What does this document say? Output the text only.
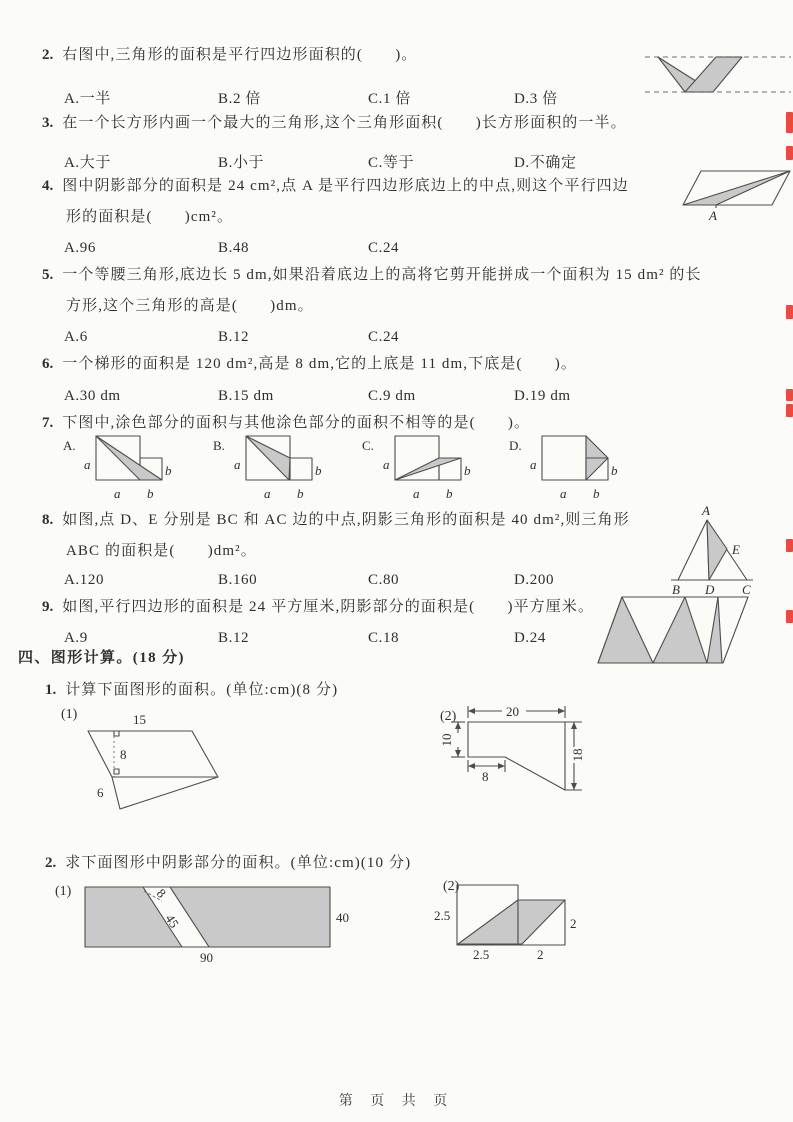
2. 右图中,三角形的面积是平行四边形面积的(　　)。
A.一半	B.2 倍	C.1 倍	D.3 倍
3. 在一个长方形内画一个最大的三角形,这个三角形面积(　　)长方形面积的一半。
A.大于	B.小于	C.等于	D.不确定
4. 图中阴影部分的面积是 24 cm²,点 A 是平行四边形底边上的中点,则这个平行四边
形的面积是(　　)cm²。
A.96	B.48	C.24
A
5. 一个等腰三角形,底边长 5 dm,如果沿着底边上的高将它剪开能拼成一个面积为 15 dm² 的长
方形,这个三角形的高是(　　)dm。
A.6	B.12	C.24
6. 一个梯形的面积是 120 dm²,高是 8 dm,它的上底是 11 dm,下底是(　　)。
A.30 dm	B.15 dm	C.9 dm	D.19 dm
7. 下图中,涂色部分的面积与其他涂色部分的面积不相等的是(　　)。
A.
a	b
a b
B.
a	b
a b
C.
a	b
a b
D.
a	b
a b
8. 如图,点 D、E 分别是 BC 和 AC 边的中点,阴影三角形的面积是 40 dm²,则三角形
ABC 的面积是(　　)dm²。
A.120	B.160	C.80	D.200
A
B D C
E
9. 如图,平行四边形的面积是 24 平方厘米,阴影部分的面积是(　　)平方厘米。
A.9	B.12	C.18	D.24
四、图形计算。(18 分)
1. 计算下面图形的面积。(单位:cm)(8 分)
(1)	15
8
6
(2)	20
10
8
18
2. 求下面图形中阴影部分的面积。(单位:cm)(10 分)
(1)	8
45	40
90
(2)
2.5
2.5	2
2
第 页 共 页
